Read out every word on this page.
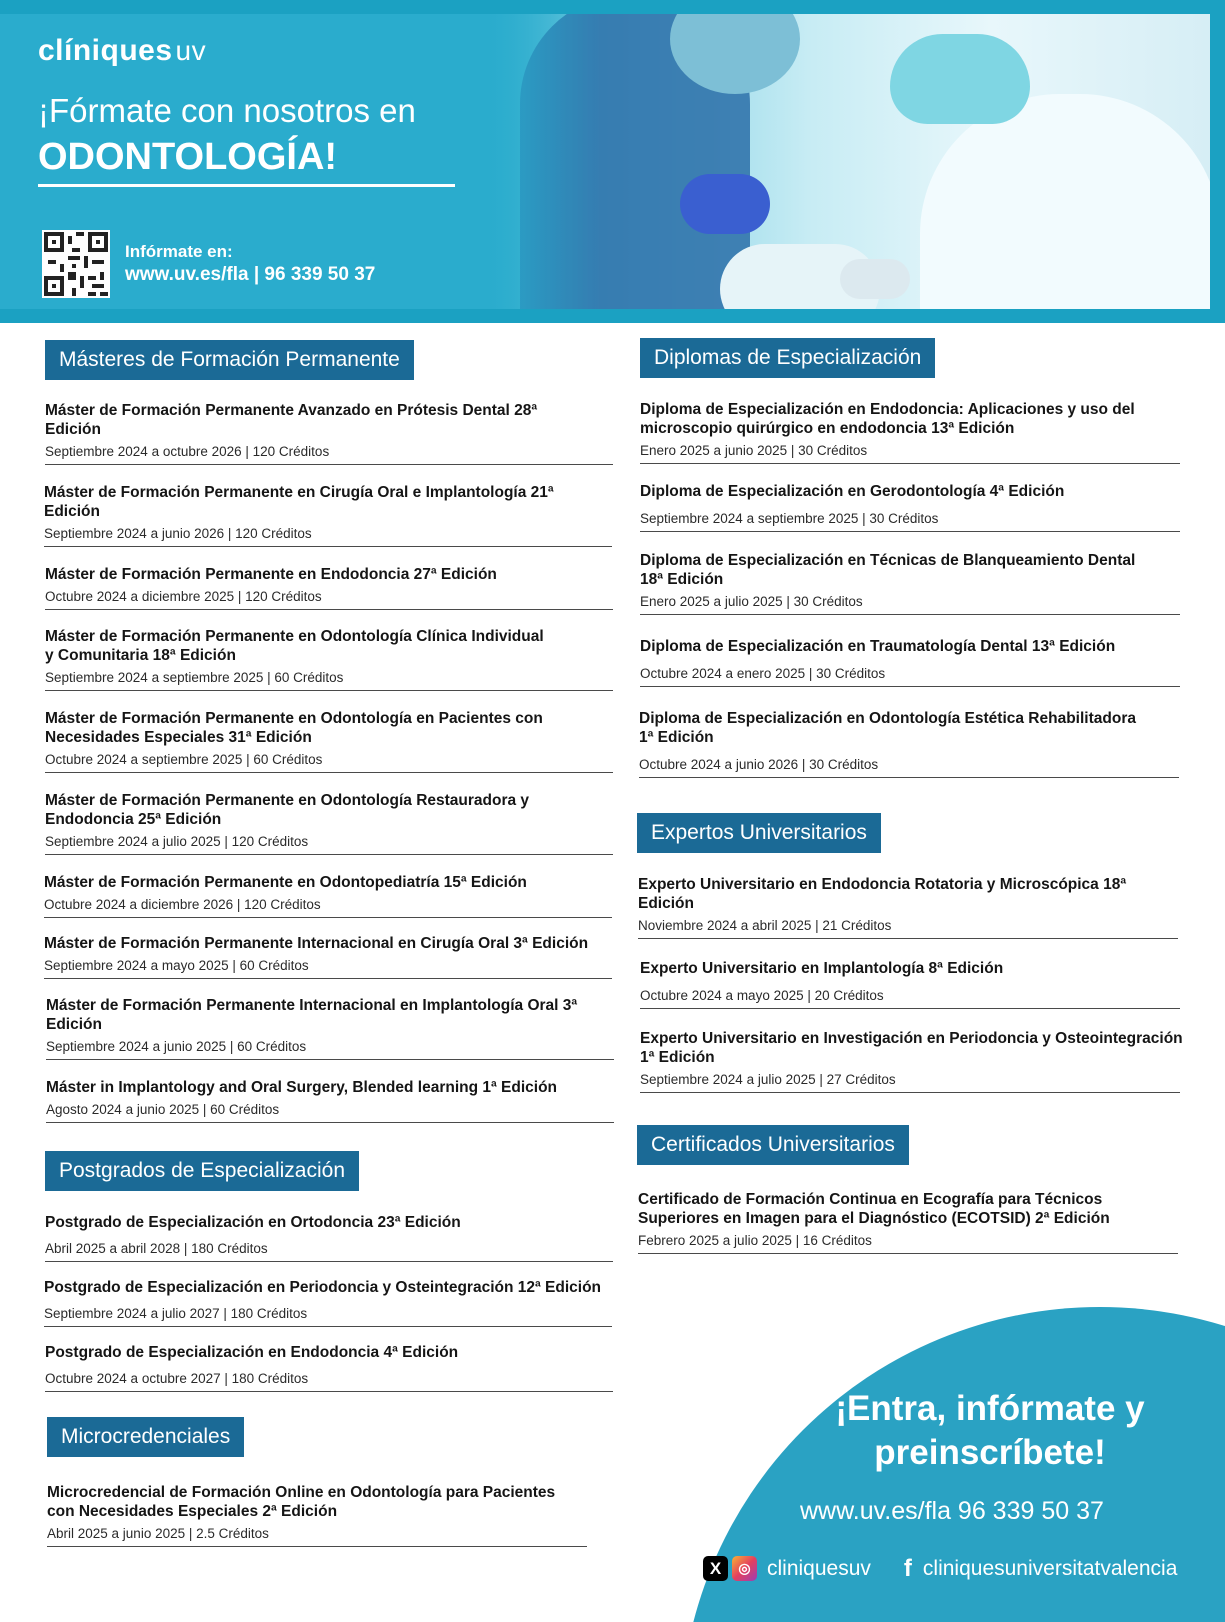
clíniques uv
¡Fórmate con nosotros en
ODONTOLOGÍA!
Infórmate en:
www.uv.es/fla | 96 339 50 37
Másteres de Formación Permanente
Máster de Formación Permanente Avanzado en Prótesis Dental 28ª Edición
Septiembre 2024 a octubre 2026 | 120 Créditos
Máster de Formación Permanente en Cirugía Oral e Implantología 21ª Edición
Septiembre 2024 a junio 2026 | 120 Créditos
Máster de Formación Permanente en Endodoncia 27ª Edición
Octubre 2024 a diciembre 2025 | 120 Créditos
Máster de Formación Permanente en Odontología Clínica Individual y Comunitaria 18ª Edición
Septiembre 2024 a septiembre 2025 | 60 Créditos
Máster de Formación Permanente en Odontología en Pacientes con Necesidades Especiales 31ª Edición
Octubre 2024 a septiembre 2025 | 60 Créditos
Máster de Formación Permanente en Odontología Restauradora y Endodoncia 25ª Edición
Septiembre 2024 a julio 2025 | 120 Créditos
Máster de Formación Permanente en Odontopediatría 15ª Edición
Octubre 2024 a diciembre 2026 | 120 Créditos
Máster de Formación Permanente Internacional en Cirugía Oral 3ª Edición
Septiembre 2024 a mayo 2025 | 60 Créditos
Máster de Formación Permanente Internacional en Implantología Oral 3ª Edición
Septiembre 2024 a junio 2025 | 60 Créditos
Máster in Implantology and Oral Surgery, Blended learning 1ª Edición
Agosto 2024 a junio 2025 | 60 Créditos
Postgrados de Especialización
Postgrado de Especialización en Ortodoncia 23ª Edición
Abril 2025 a abril 2028 | 180 Créditos
Postgrado de Especialización en Periodoncia y Osteintegración 12ª Edición
Septiembre 2024 a julio 2027 | 180 Créditos
Postgrado de Especialización en Endodoncia 4ª Edición
Octubre 2024 a octubre 2027 | 180 Créditos
Microcredenciales
Microcredencial de Formación Online en Odontología para Pacientes con Necesidades Especiales 2ª Edición
Abril 2025 a junio 2025 | 2.5 Créditos
Diplomas de Especialización
Diploma de Especialización en Endodoncia: Aplicaciones y uso del microscopio quirúrgico en endodoncia 13ª Edición
Enero 2025 a junio 2025 | 30 Créditos
Diploma de Especialización en Gerodontología 4ª Edición
Septiembre 2024 a septiembre 2025 | 30 Créditos
Diploma de Especialización en Técnicas de Blanqueamiento Dental 18ª Edición
Enero 2025 a julio 2025 | 30 Créditos
Diploma de Especialización en Traumatología Dental 13ª Edición
Octubre 2024 a enero 2025 | 30 Créditos
Diploma de Especialización en Odontología Estética Rehabilitadora 1ª Edición
Octubre 2024 a junio 2026 | 30 Créditos
Expertos Universitarios
Experto Universitario en Endodoncia Rotatoria y Microscópica 18ª Edición
Noviembre 2024 a abril 2025 | 21 Créditos
Experto Universitario en Implantología 8ª Edición
Octubre 2024 a mayo 2025 | 20 Créditos
Experto Universitario en Investigación en Periodoncia y Osteointegración 1ª Edición
Septiembre 2024 a julio 2025 | 27 Créditos
Certificados Universitarios
Certificado de Formación Continua en Ecografía para Técnicos Superiores en Imagen para el Diagnóstico (ECOTSID) 2ª Edición
Febrero 2025 a julio 2025 | 16 Créditos
¡Entra, infórmate y preinscríbete!
www.uv.es/fla 96 339 50 37
X	◎ cliniquesuv f cliniquesuniversitatvalencia
